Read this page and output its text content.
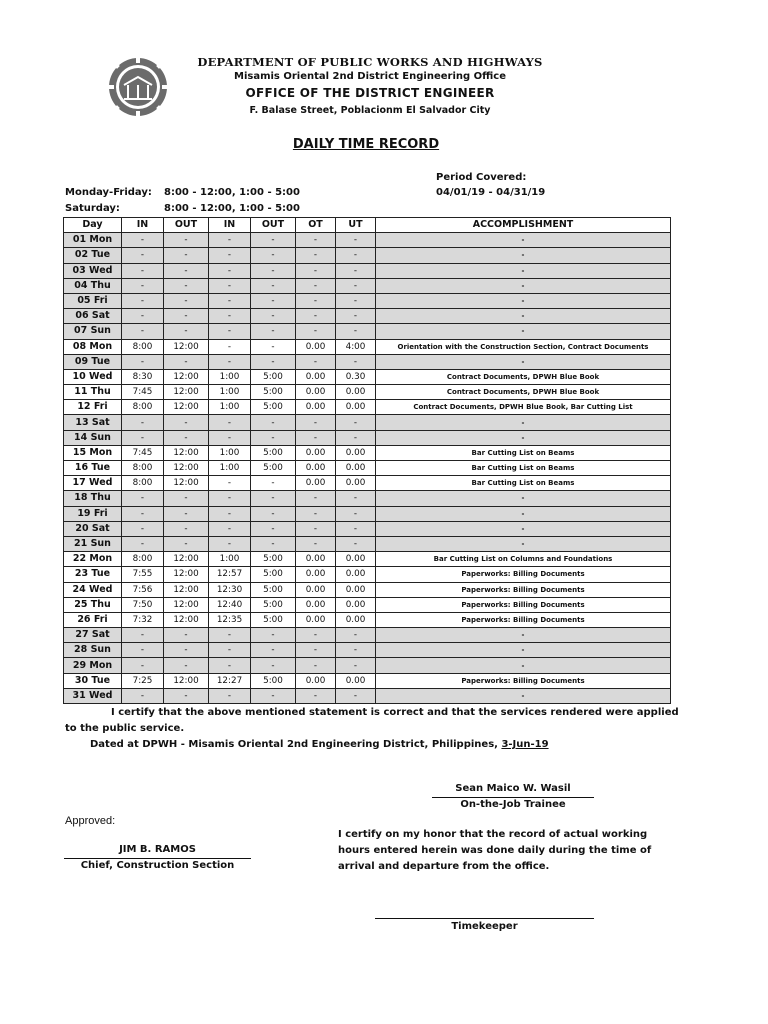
DEPARTMENT OF PUBLIC WORKS AND HIGHWAYS
Misamis Oriental 2nd District Engineering Office
OFFICE OF THE DISTRICT ENGINEER
F. Balase Street, Poblacionm El Salvador City
DAILY TIME RECORD
Period Covered:
04/01/19 - 04/31/19
Monday-Friday: 8:00 - 12:00, 1:00 - 5:00
Saturday:	8:00 - 12:00, 1:00 - 5:00
Day	IN	OUT	IN	OUT	OT	UT	ACCOMPLISHMENT
01 Mon	-	-	-	-	-	-	-
02 Tue	-	-	-	-	-	-	-
03 Wed	-	-	-	-	-	-	-
04 Thu	-	-	-	-	-	-	-
05 Fri	-	-	-	-	-	-	-
06 Sat	-	-	-	-	-	-	-
07 Sun	-	-	-	-	-	-	-
08 Mon	8:00	12:00	-	-	0.00	4:00	Orientation with the Construction Section, Contract Documents
09 Tue	-	-	-	-	-	-	-
10 Wed	8:30	12:00	1:00	5:00	0.00	0.30	Contract Documents, DPWH Blue Book
11 Thu	7:45	12:00	1:00	5:00	0.00	0.00	Contract Documents, DPWH Blue Book
12 Fri	8:00	12:00	1:00	5:00	0.00	0.00	Contract Documents, DPWH Blue Book, Bar Cutting List
13 Sat	-	-	-	-	-	-	-
14 Sun	-	-	-	-	-	-	-
15 Mon	7:45	12:00	1:00	5:00	0.00	0.00	Bar Cutting List on Beams
16 Tue	8:00	12:00	1:00	5:00	0.00	0.00	Bar Cutting List on Beams
17 Wed	8:00	12:00	-	-	0.00	0.00	Bar Cutting List on Beams
18 Thu	-	-	-	-	-	-	-
19 Fri	-	-	-	-	-	-	-
20 Sat	-	-	-	-	-	-	-
21 Sun	-	-	-	-	-	-	-
22 Mon	8:00	12:00	1:00	5:00	0.00	0.00	Bar Cutting List on Columns and Foundations
23 Tue	7:55	12:00	12:57	5:00	0.00	0.00	Paperworks: Billing Documents
24 Wed	7:56	12:00	12:30	5:00	0.00	0.00	Paperworks: Billing Documents
25 Thu	7:50	12:00	12:40	5:00	0.00	0.00	Paperworks: Billing Documents
26 Fri	7:32	12:00	12:35	5:00	0.00	0.00	Paperworks: Billing Documents
27 Sat	-	-	-	-	-	-	-
28 Sun	-	-	-	-	-	-	-
29 Mon	-	-	-	-	-	-	-
30 Tue	7:25	12:00	12:27	5:00	0.00	0.00	Paperworks: Billing Documents
31 Wed	-	-	-	-	-	-	-
I certify that the above mentioned statement is correct and that the services rendered were applied
to the public service.
Dated at DPWH - Misamis Oriental 2nd Engineering District, Philippines, 3-Jun-19
Sean Maico W. Wasil
On-the-Job Trainee
Approved:
JIM B. RAMOS
Chief, Construction Section
I certify on my honor that the record of actual working
hours entered herein was done daily during the time of
arrival and departure from the office.
Timekeeper
